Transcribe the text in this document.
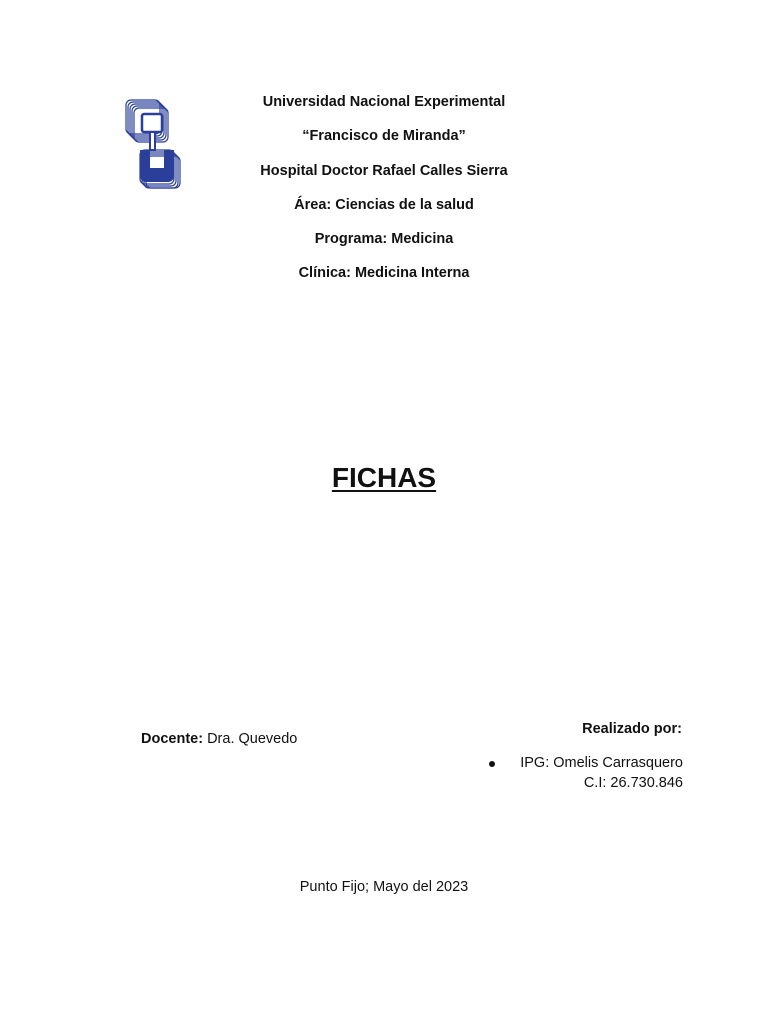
Universidad Nacional Experimental
“Francisco de Miranda”
Hospital Doctor Rafael Calles Sierra
Área: Ciencias de la salud
Programa: Medicina
Clínica: Medicina Interna
FICHAS
Docente: Dra. Quevedo
Realizado por:
IPG: Omelis Carrasquero
C.I: 26.730.846
Punto Fijo; Mayo del 2023
